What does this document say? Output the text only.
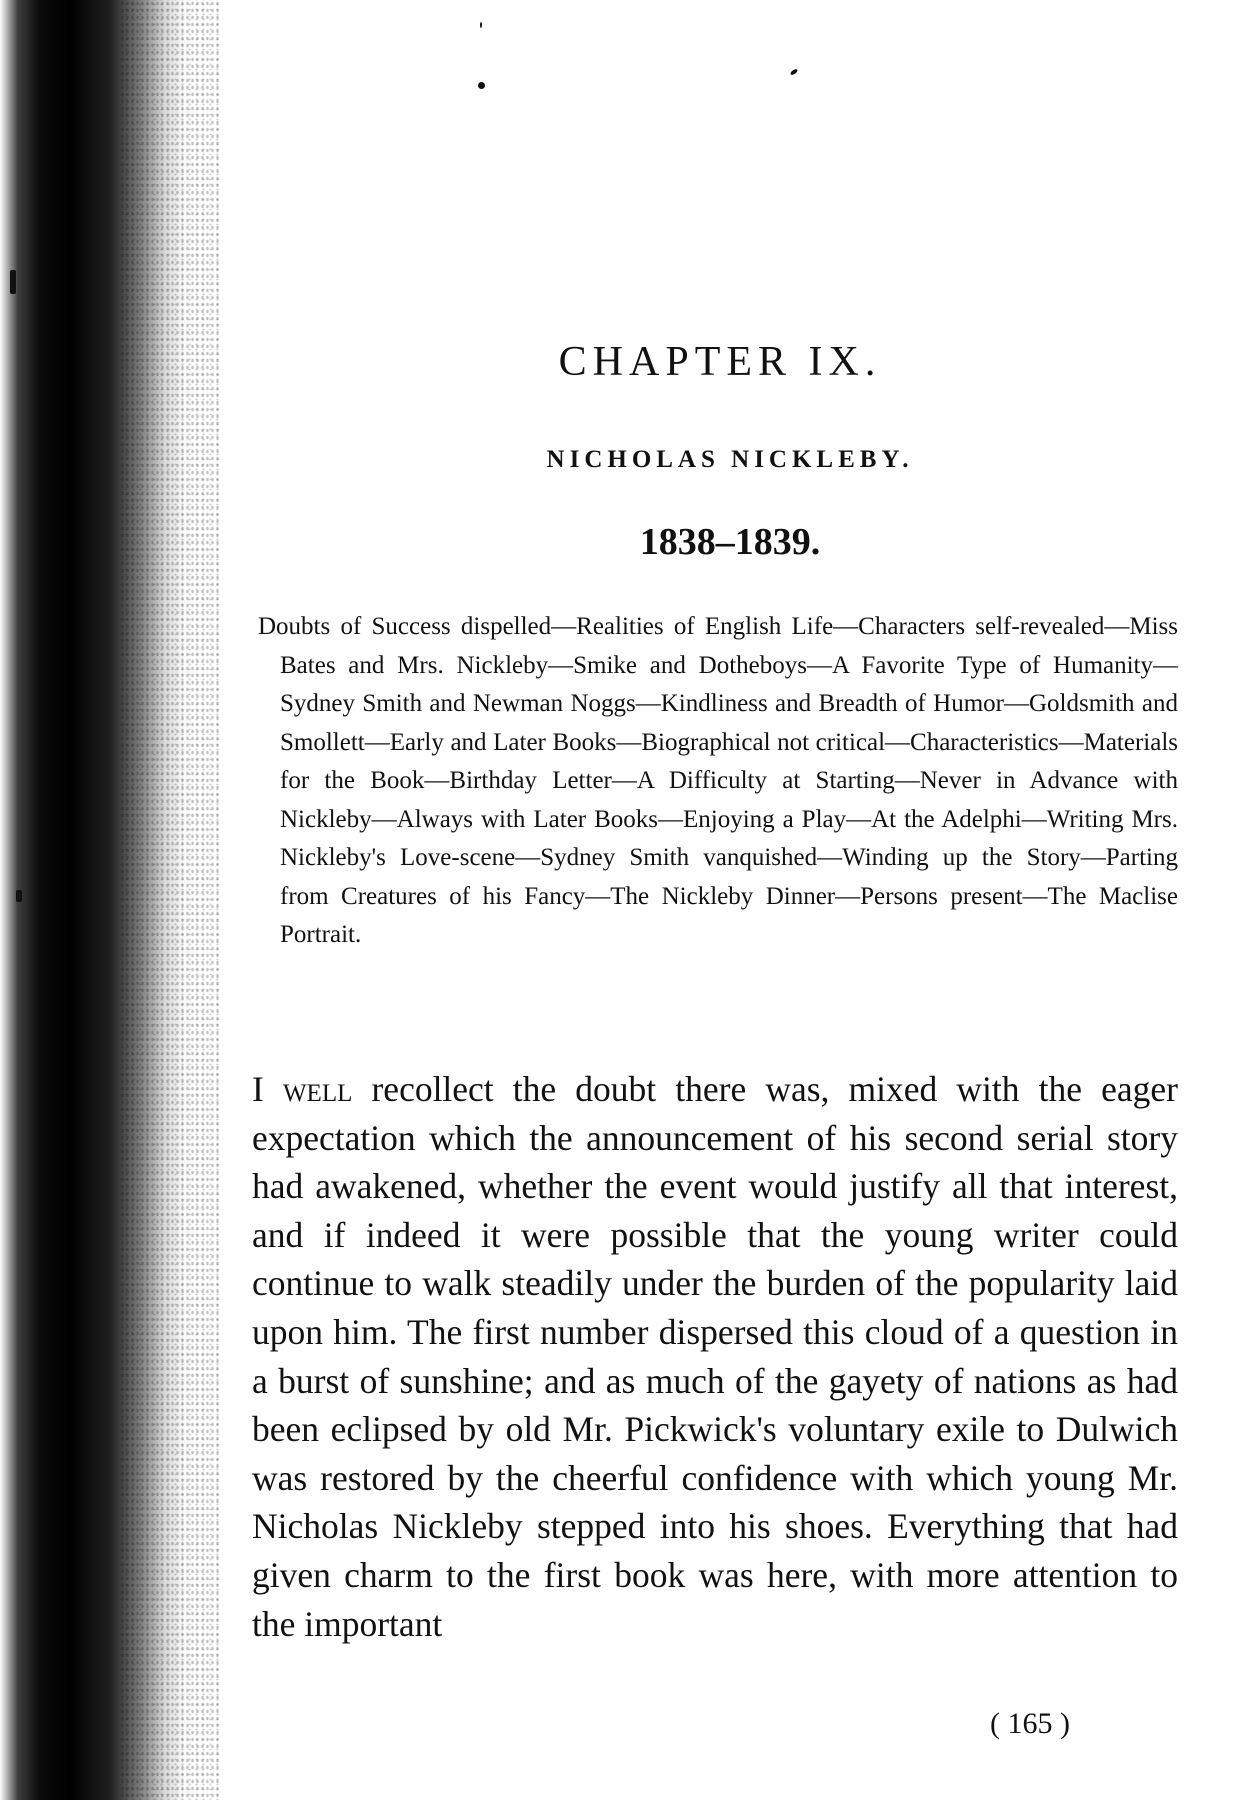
CHAPTER IX.
NICHOLAS NICKLEBY.
1838–1839.

Doubts of Success dispelled—Realities of English Life—Characters self-revealed—Miss Bates and Mrs. Nickleby—Smike and Dotheboys—A Favorite Type of Humanity—Sydney Smith and Newman Noggs—Kindliness and Breadth of Humor—Goldsmith and Smollett—Early and Later Books—Biographical not critical—Characteristics—Materials for the Book—Birthday Letter—A Difficulty at Starting—Never in Advance with Nickleby—Always with Later Books—Enjoying a Play—At the Adelphi—Writing Mrs. Nickleby's Love-scene—Sydney Smith vanquished—Winding up the Story—Parting from Creatures of his Fancy—The Nickleby Dinner—Persons present—The Maclise Portrait.

I well recollect the doubt there was, mixed with the eager expectation which the announcement of his second serial story had awakened, whether the event would justify all that interest, and if indeed it were possible that the young writer could continue to walk steadily under the burden of the popularity laid upon him. The first number dispersed this cloud of a question in a burst of sunshine; and as much of the gayety of nations as had been eclipsed by old Mr. Pickwick's voluntary exile to Dulwich was restored by the cheerful confidence with which young Mr. Nicholas Nickleby stepped into his shoes. Everything that had given charm to the first book was here, with more attention to the important

( 165 )
